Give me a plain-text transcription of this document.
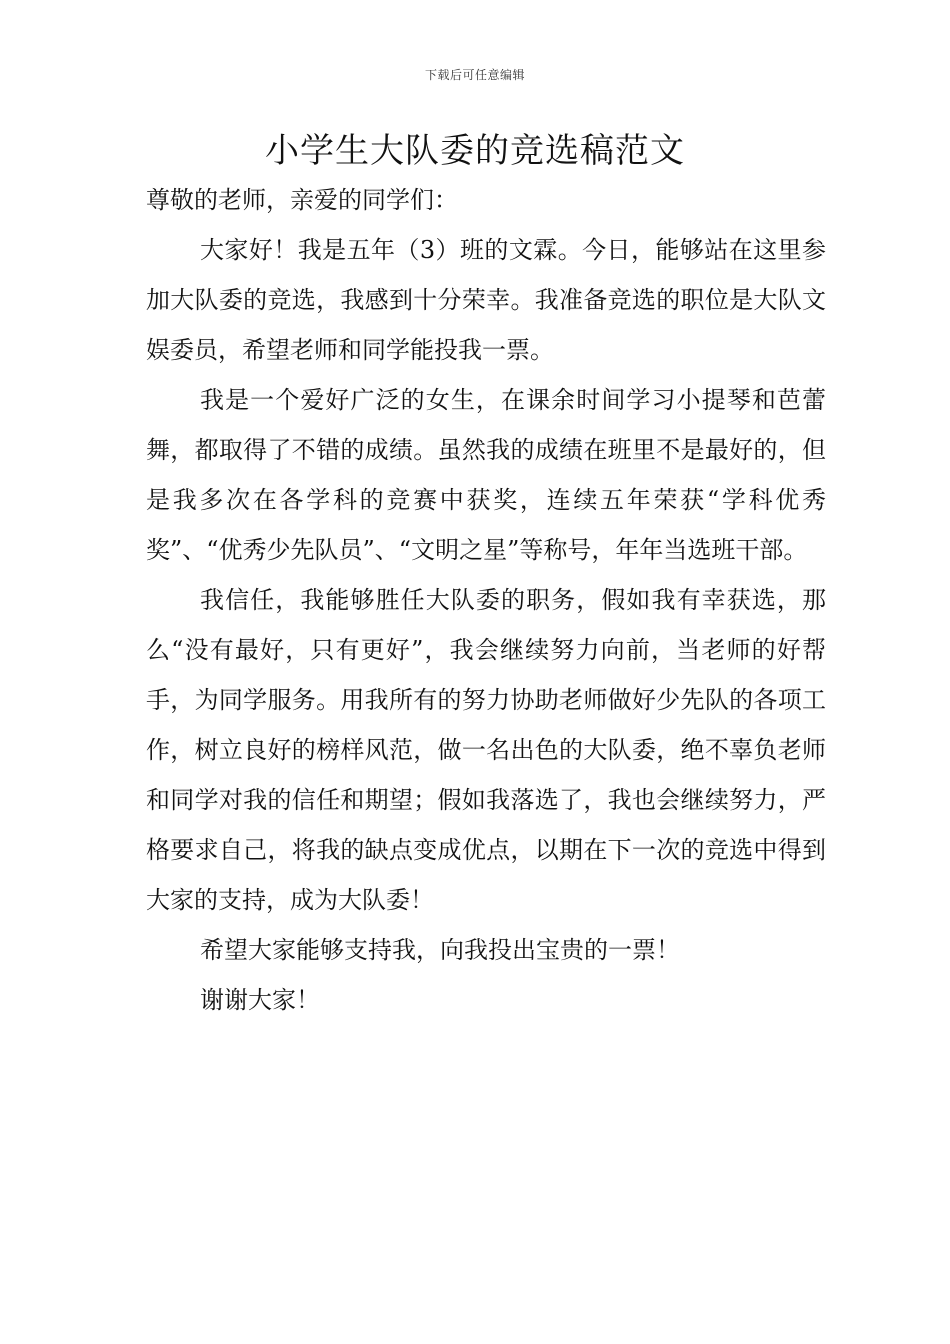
下载后可任意编辑
小学生大队委的竞选稿范文

尊敬的老师，亲爱的同学们：

大家好！我是五年（3）班的文霖。今日，能够站在这里参加大队委的竞选，我感到十分荣幸。我准备竞选的职位是大队文娱委员，希望老师和同学能投我一票。

我是一个爱好广泛的女生，在课余时间学习小提琴和芭蕾舞，都取得了不错的成绩。虽然我的成绩在班里不是最好的，但是我多次在各学科的竞赛中获奖，连续五年荣获“学科优秀奖”、“优秀少先队员”、“文明之星”等称号，年年当选班干部。

我信任，我能够胜任大队委的职务，假如我有幸获选，那么“没有最好，只有更好”，我会继续努力向前，当老师的好帮手，为同学服务。用我所有的努力协助老师做好少先队的各项工作，树立良好的榜样风范，做一名出色的大队委，绝不辜负老师和同学对我的信任和期望；假如我落选了，我也会继续努力，严格要求自己，将我的缺点变成优点，以期在下一次的竞选中得到大家的支持，成为大队委！

希望大家能够支持我，向我投出宝贵的一票！

谢谢大家！
